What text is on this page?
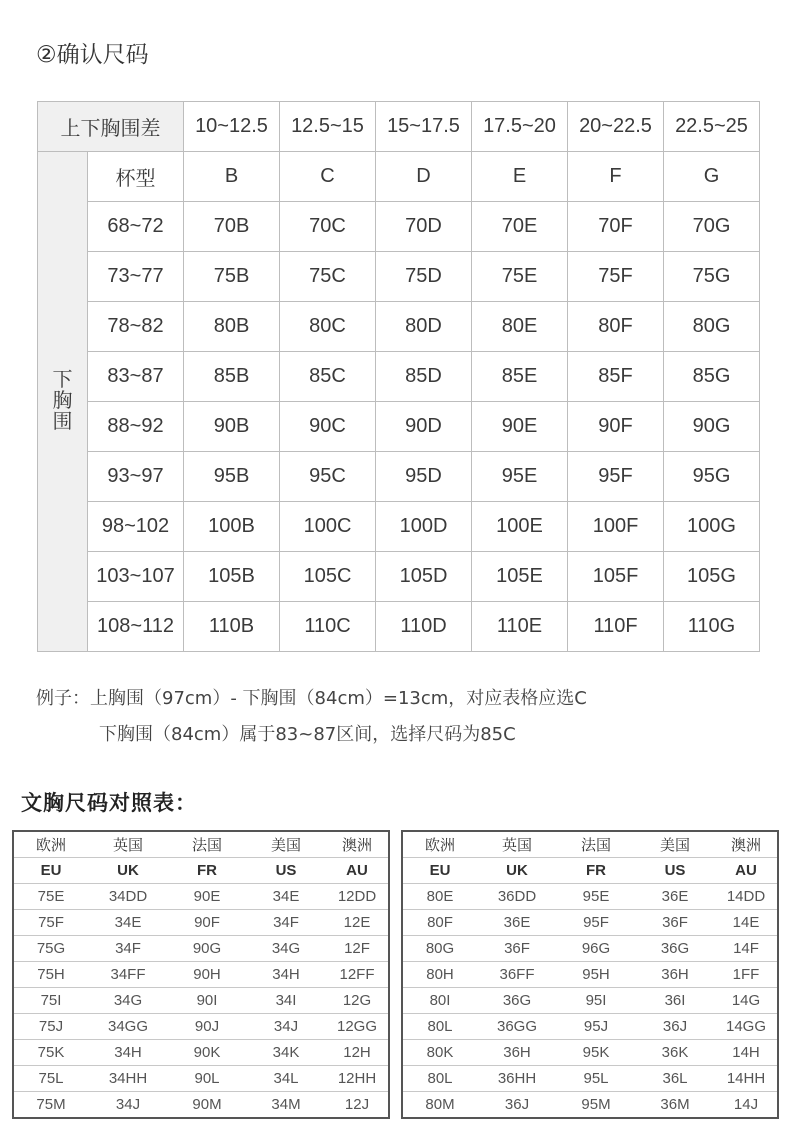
②确认尺码
上下胸围差		10~12.5	12.5~15	15~17.5	17.5~20	20~22.5	22.5~25

下
胸
围	杯型	B	C	D	E	F	G
	68~72	70B	70C	70D	70E	70F	70G
	73~77	75B	75C	75D	75E	75F	75G
	78~82	80B	80C	80D	80E	80F	80G
	83~87	85B	85C	85D	85E	85F	85G
	88~92	90B	90C	90D	90E	90F	90G
	93~97	95B	95C	95D	95E	95F	95G
	98~102	100B	100C	100D	100E	100F	100G
	103~107	105B	105C	105D	105E	105F	105G
	108~112	110B	110C	110D	110E	110F	110G
例子：上胸围（97cm）- 下胸围（84cm）=13cm，对应表格应选C
下胸围（84cm）属于83~87区间，选择尺码为85C
文胸尺码对照表：
欧洲	英国	法国	美国	澳洲
EU	UK	FR	US	AU
75E	34DD	90E	34E	12DD
75F	34E	90F	34F	12E
75G	34F	90G	34G	12F
75H	34FF	90H	34H	12FF
75I	34G	90I	34I	12G
75J	34GG	90J	34J	12GG
75K	34H	90K	34K	12H
75L	34HH	90L	34L	12HH
75M	34J	90M	34M	12J
欧洲	英国	法国	美国	澳洲
EU	UK	FR	US	AU
80E	36DD	95E	36E	14DD
80F	36E	95F	36F	14E
80G	36F	96G	36G	14F
80H	36FF	95H	36H	1FF
80I	36G	95I	36I	14G
80L	36GG	95J	36J	14GG
80K	36H	95K	36K	14H
80L	36HH	95L	36L	14HH
80M	36J	95M	36M	14J
